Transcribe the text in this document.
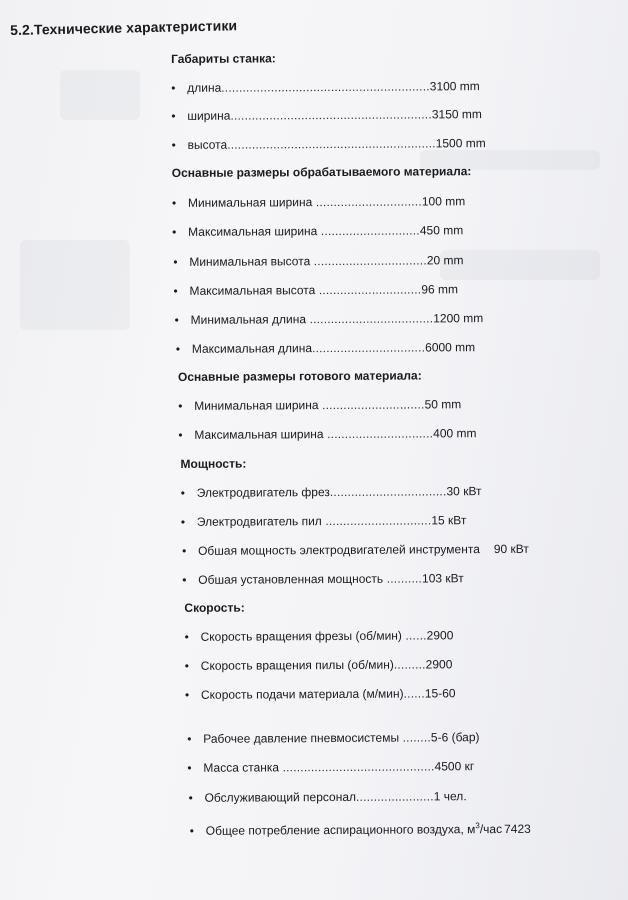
5.2.Технические характеристики
Габариты станка:
• длина...........................................................3100 mm
• ширина.........................................................3150 mm
• высота...........................................................1500 mm
Оснавные размеры обрабатываемого материала:
• Минимальная ширина ..............................100 mm
• Максимальная ширина ............................450 mm
• Минимальная высота ................................20 mm
• Максимальная высота .............................96 mm
• Минимальная длина ...................................1200 mm
• Максимальная длина................................6000 mm
Оснавные размеры готового материала:
• Минимальная ширина .............................50 mm
• Максимальная ширина ..............................400 mm
Мощность:
• Электродвигатель фрез.................................30 кВт
• Электродвигатель пил ..............................15 кВт
• Обшая мощность электродвигателей инструмента 90 кВт
• Обшая установленная мощность ..........103 кВт
Скорость:
• Скорость вращения фрезы (об/мин) ......2900
• Скорость вращения пилы (об/мин).........2900
• Скорость подачи материала (м/мин)......15-60
• Рабочее давление пневмосистемы ........5-6 (бар)
• Масса станка ...........................................4500 кг
• Обслуживающий персонал......................1 чел.
• Общее потребление аспирационного воздуха, $м^3$/час 7423
